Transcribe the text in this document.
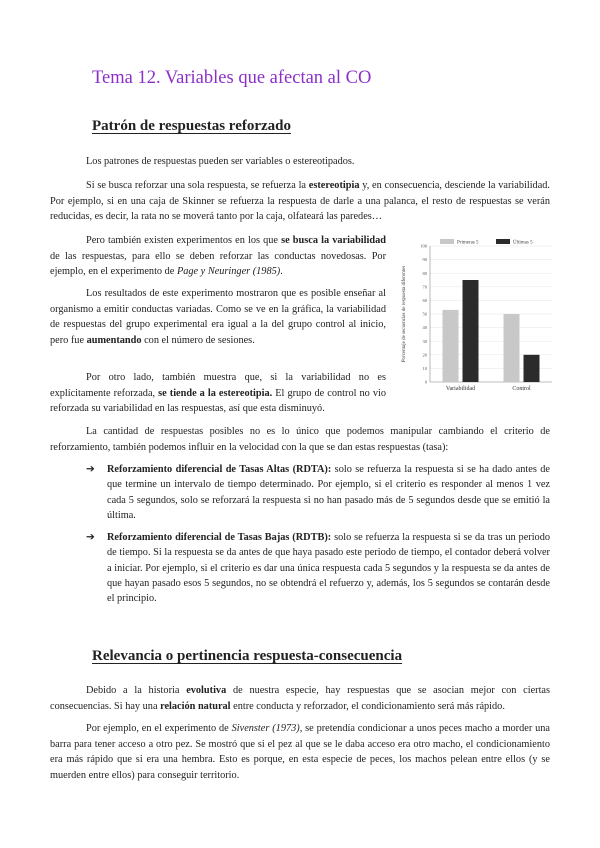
Tema 12. Variables que afectan al CO
Patrón de respuestas reforzado

Los patrones de respuestas pueden ser variables o estereotipados.

Si se busca reforzar una sola respuesta, se refuerza la estereotipia y, en consecuencia, desciende la variabilidad. Por ejemplo, si en una caja de Skinner se refuerza la respuesta de darle a una palanca, el resto de respuestas se verán reducidas, es decir, la rata no se moverá tanto por la caja, olfateará las paredes…

Pero también existen experimentos en los que se busca la variabilidad de las respuestas, para ello se deben reforzar las conductas novedosas. Por ejemplo, en el experimento de Page y Neuringer (1985).

Los resultados de este experimento mostraron que es posible enseñar al organismo a emitir conductas variadas. Como se ve en la gráfica, la variabilidad de respuestas del grupo experimental era igual a la del grupo control al inicio, pero fue aumentando con el número de sesiones.

Por otro lado, también muestra que, si la variabilidad no es explícitamente reforzada, se tiende a la estereotipia. El grupo de control no vio reforzada su variabilidad en las respuestas, así que esta disminuyó.

Porcentaje de secuencias de respuesta diferentes
0
10
20
30
40
50
60
70
80
90
100
Primeras 5	Últimas 5
Variabilidad	Control

La cantidad de respuestas posibles no es lo único que podemos manipular cambiando el criterio de reforzamiento, también podemos influir en la velocidad con la que se dan estas respuestas (tasa):

➔ Reforzamiento diferencial de Tasas Altas (RDTA): solo se refuerza la respuesta si se ha dado antes de que termine un intervalo de tiempo determinado. Por ejemplo, si el criterio es responder al menos 1 vez cada 5 segundos, solo se reforzará la respuesta si no han pasado más de 5 segundos desde que se emitió la última.
➔ Reforzamiento diferencial de Tasas Bajas (RDTB): solo se refuerza la respuesta si se da tras un periodo de tiempo. Si la respuesta se da antes de que haya pasado este periodo de tiempo, el contador deberá volver a iniciar. Por ejemplo, si el criterio es dar una única respuesta cada 5 segundos y la respuesta se da antes de que hayan pasado esos 5 segundos, no se obtendrá el refuerzo y, además, los 5 segundos se contarán desde el principio.
Relevancia o pertinencia respuesta-consecuencia

Debido a la historia evolutiva de nuestra especie, hay respuestas que se asocian mejor con ciertas consecuencias. Si hay una relación natural entre conducta y reforzador, el condicionamiento será más rápido.

Por ejemplo, en el experimento de Sivenster (1973), se pretendía condicionar a unos peces macho a morder una barra para tener acceso a otro pez. Se mostró que si el pez al que se le daba acceso era otro macho, el condicionamiento era más rápido que si era una hembra. Esto es porque, en esta especie de peces, los machos pelean entre ellos (y se muerden entre ellos) para conseguir territorio.
